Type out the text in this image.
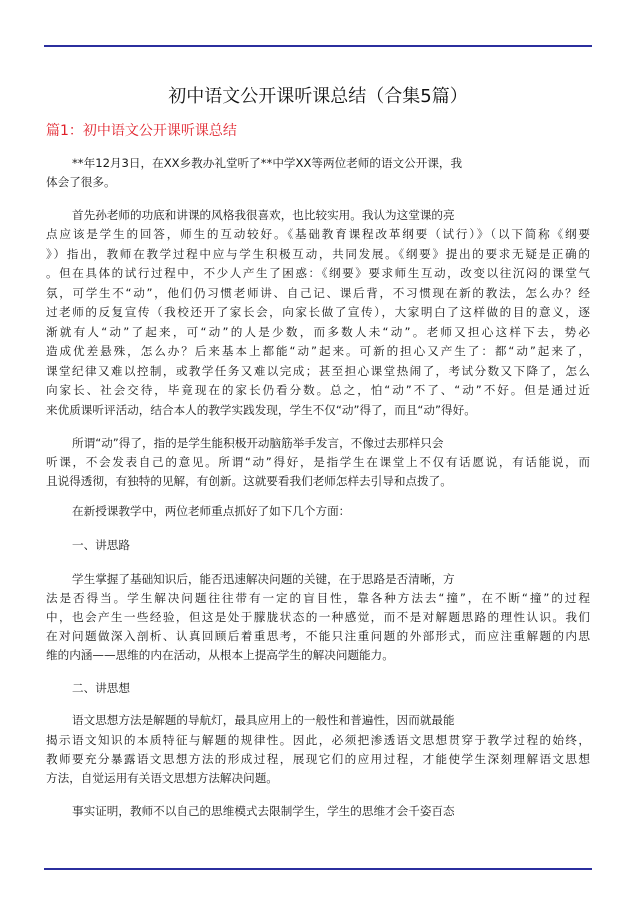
初中语文公开课听课总结（合集5篇）
篇1：初中语文公开课听课总结
**年12月3日，在XX乡教办礼堂听了**中学XX等两位老师的语文公开课，我
体会了很多。
首先孙老师的功底和讲课的风格我很喜欢，也比较实用。我认为这堂课的亮
点应该是学生的回答，师生的互动较好。《基础教育课程改革纲要（试行）》（以下简称《纲要
》）指出，教师在教学过程中应与学生积极互动，共同发展。《纲要》提出的要求无疑是正确的
。但在具体的试行过程中，不少人产生了困惑：《纲要》要求师生互动，改变以往沉闷的课堂气
氛，可学生不“动”，他们仍习惯老师讲、自己记、课后背，不习惯现在新的教法，怎么办？经
过老师的反复宣传（我校还开了家长会，向家长做了宣传），大家明白了这样做的目的意义，逐
渐就有人“动”了起来，可“动”的人是少数，而多数人未“动”。老师又担心这样下去，势必
造成优差悬殊，怎么办？后来基本上都能“动”起来。可新的担心又产生了：都“动”起来了，
课堂纪律又难以控制，或教学任务又难以完成；甚至担心课堂热闹了，考试分数又下降了，怎么
向家长、社会交待，毕竟现在的家长仍看分数。总之，怕“动”不了、“动”不好。但是通过近
来优质课听评活动，结合本人的教学实践发现，学生不仅“动”得了，而且“动”得好。
所谓“动”得了，指的是学生能积极开动脑筋举手发言，不像过去那样只会
听课，不会发表自己的意见。所谓“动”得好，是指学生在课堂上不仅有话愿说，有话能说，而
且说得透彻，有独特的见解，有创新。这就要看我们老师怎样去引导和点拨了。
在新授课教学中，两位老师重点抓好了如下几个方面：
一、讲思路
学生掌握了基础知识后，能否迅速解决问题的关键，在于思路是否清晰，方
法是否得当。学生解决问题往往带有一定的盲目性，靠各种方法去“撞”，在不断“撞”的过程
中，也会产生一些经验，但这是处于朦胧状态的一种感觉，而不是对解题思路的理性认识。我们
在对问题做深入剖析、认真回顾后着重思考，不能只注重问题的外部形式，而应注重解题的内思
维的内涵——思维的内在活动，从根本上提高学生的解决问题能力。
二、讲思想
语文思想方法是解题的导航灯，最具应用上的一般性和普遍性，因而就最能
揭示语文知识的本质特征与解题的规律性。因此，必须把渗透语文思想贯穿于教学过程的始终，
教师要充分暴露语文思想方法的形成过程，展现它们的应用过程，才能使学生深刻理解语文思想
方法，自觉运用有关语文思想方法解决问题。
事实证明，教师不以自己的思维模式去限制学生，学生的思维才会千姿百态
